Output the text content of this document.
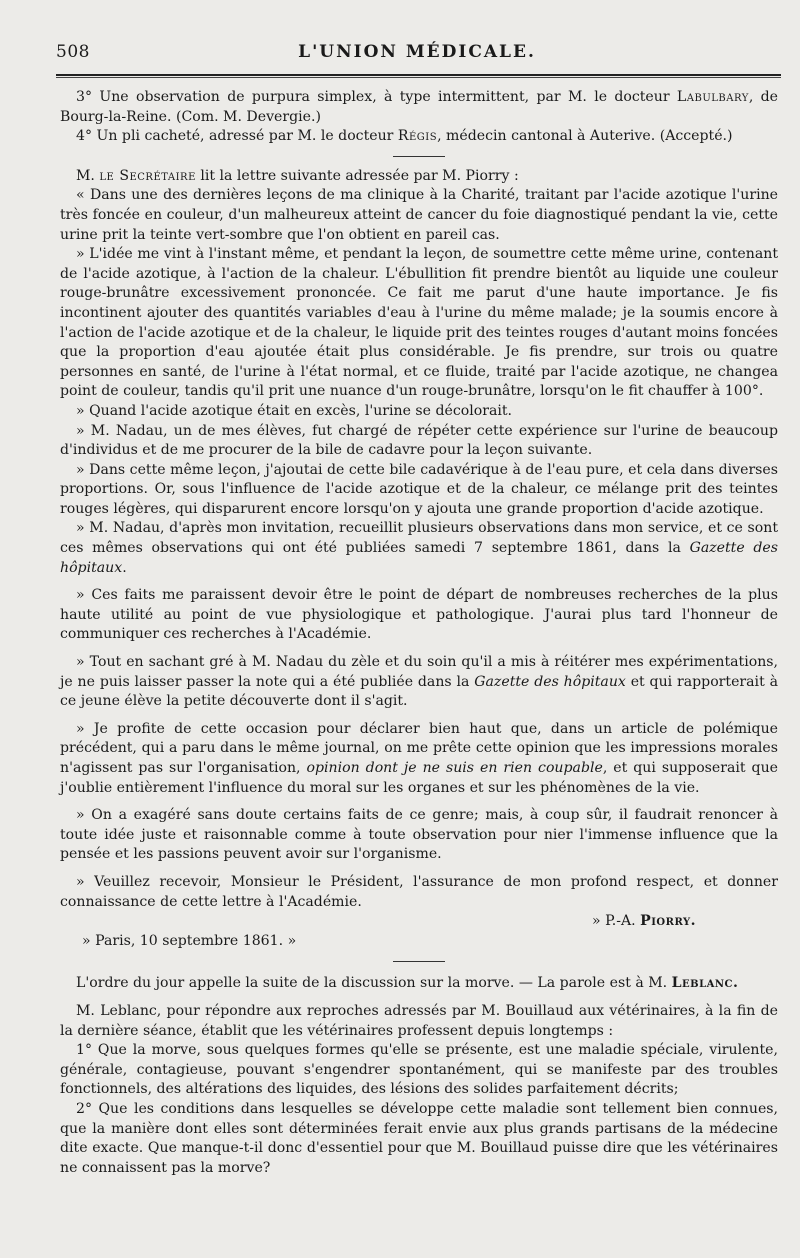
508	L'UNION MÉDICALE.

3° Une observation de purpura simplex, à type intermittent, par M. le docteur Labulbary, de Bourg-la-Reine. (Com. M. Devergie.)

4° Un pli cacheté, adressé par M. le docteur Régis, médecin cantonal à Auterive. (Accepté.)

M. le Secrétaire lit la lettre suivante adressée par M. Piorry :

« Dans une des dernières leçons de ma clinique à la Charité, traitant par l'acide azotique l'urine très foncée en couleur, d'un malheureux atteint de cancer du foie diagnostiqué pendant la vie, cette urine prit la teinte vert-sombre que l'on obtient en pareil cas.

» L'idée me vint à l'instant même, et pendant la leçon, de soumettre cette même urine, contenant de l'acide azotique, à l'action de la chaleur. L'ébullition fit prendre bientôt au liquide une couleur rouge-brunâtre excessivement prononcée. Ce fait me parut d'une haute importance. Je fis incontinent ajouter des quantités variables d'eau à l'urine du même malade; je la soumis encore à l'action de l'acide azotique et de la chaleur, le liquide prit des teintes rouges d'autant moins foncées que la proportion d'eau ajoutée était plus considérable. Je fis prendre, sur trois ou quatre personnes en santé, de l'urine à l'état normal, et ce fluide, traité par l'acide azotique, ne changea point de couleur, tandis qu'il prit une nuance d'un rouge-brunâtre, lorsqu'on le fit chauffer à 100°.

» Quand l'acide azotique était en excès, l'urine se décolorait.

» M. Nadau, un de mes élèves, fut chargé de répéter cette expérience sur l'urine de beaucoup d'individus et de me procurer de la bile de cadavre pour la leçon suivante.

» Dans cette même leçon, j'ajoutai de cette bile cadavérique à de l'eau pure, et cela dans diverses proportions. Or, sous l'influence de l'acide azotique et de la chaleur, ce mélange prit des teintes rouges légères, qui disparurent encore lorsqu'on y ajouta une grande proportion d'acide azotique.

» M. Nadau, d'après mon invitation, recueillit plusieurs observations dans mon service, et ce sont ces mêmes observations qui ont été publiées samedi 7 septembre 1861, dans la Gazette des hôpitaux.

» Ces faits me paraissent devoir être le point de départ de nombreuses recherches de la plus haute utilité au point de vue physiologique et pathologique. J'aurai plus tard l'honneur de communiquer ces recherches à l'Académie.

» Tout en sachant gré à M. Nadau du zèle et du soin qu'il a mis à réitérer mes expérimentations, je ne puis laisser passer la note qui a été publiée dans la Gazette des hôpitaux et qui rapporterait à ce jeune élève la petite découverte dont il s'agit.

» Je profite de cette occasion pour déclarer bien haut que, dans un article de polémique précédent, qui a paru dans le même journal, on me prête cette opinion que les impressions morales n'agissent pas sur l'organisation, opinion dont je ne suis en rien coupable, et qui supposerait que j'oublie entièrement l'influence du moral sur les organes et sur les phénomènes de la vie.

» On a exagéré sans doute certains faits de ce genre; mais, à coup sûr, il faudrait renoncer à toute idée juste et raisonnable comme à toute observation pour nier l'immense influence que la pensée et les passions peuvent avoir sur l'organisme.

» Veuillez recevoir, Monsieur le Président, l'assurance de mon profond respect, et donner connaissance de cette lettre à l'Académie.

» P.-A. Piorry.

» Paris, 10 septembre 1861. »

L'ordre du jour appelle la suite de la discussion sur la morve. — La parole est à M. Leblanc.

M. Leblanc, pour répondre aux reproches adressés par M. Bouillaud aux vétérinaires, à la fin de la dernière séance, établit que les vétérinaires professent depuis longtemps :

1° Que la morve, sous quelques formes qu'elle se présente, est une maladie spéciale, virulente, générale, contagieuse, pouvant s'engendrer spontanément, qui se manifeste par des troubles fonctionnels, des altérations des liquides, des lésions des solides parfaitement décrits;

2° Que les conditions dans lesquelles se développe cette maladie sont tellement bien connues, que la manière dont elles sont déterminées ferait envie aux plus grands partisans de la médecine dite exacte. Que manque-t-il donc d'essentiel pour que M. Bouillaud puisse dire que les vétérinaires ne connaissent pas la morve?
